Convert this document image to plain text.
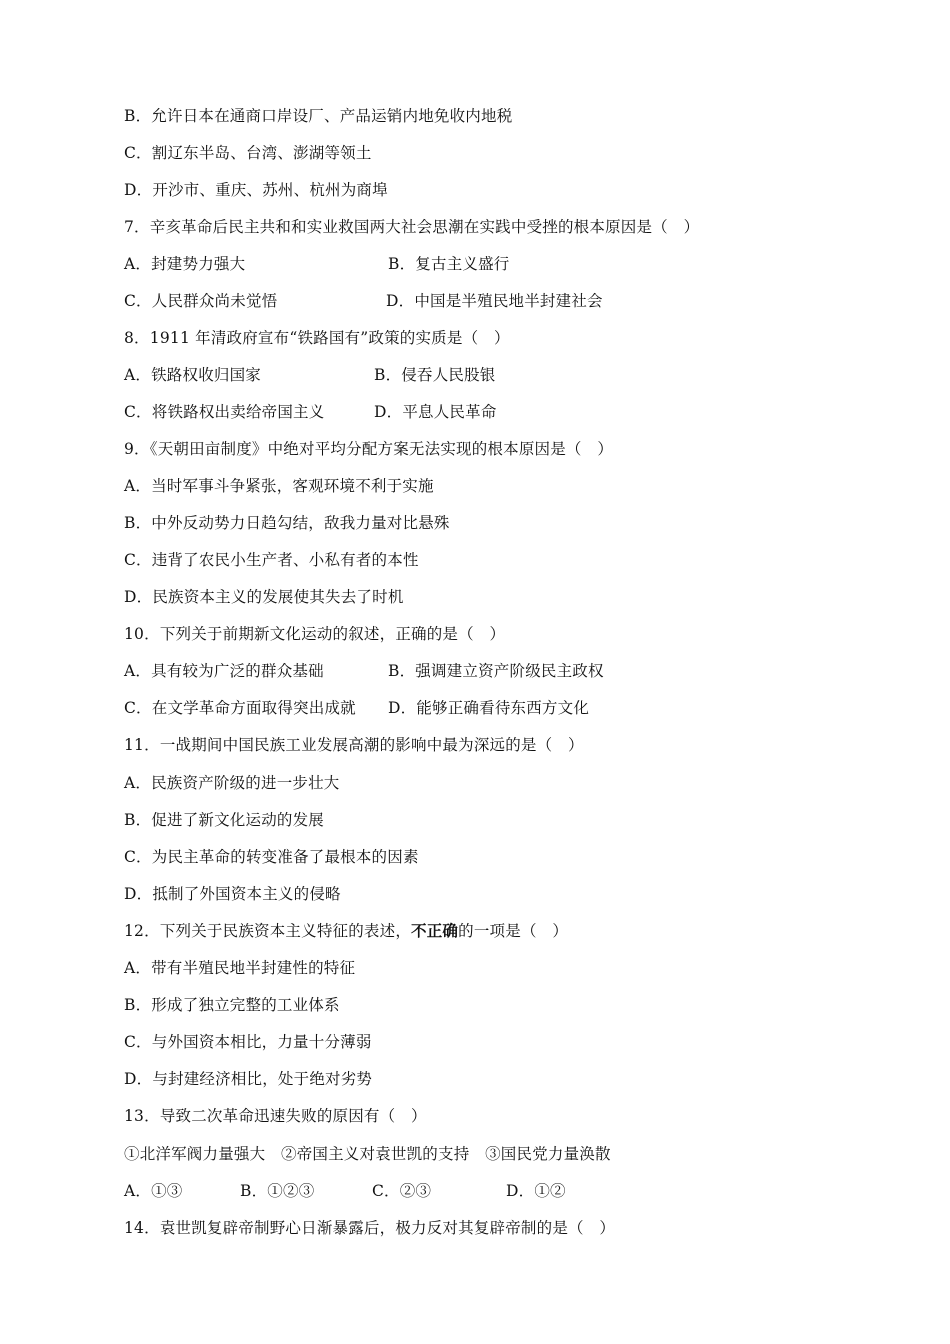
B．允许日本在通商口岸设厂、产品运销内地免收内地税
C．割辽东半岛、台湾、澎湖等领土
D．开沙市、重庆、苏州、杭州为商埠
7．辛亥革命后民主共和和实业救国两大社会思潮在实践中受挫的根本原因是（　）
A．封建势力强大	B．复古主义盛行
C．人民群众尚未觉悟	D．中国是半殖民地半封建社会
8．1911 年清政府宣布“铁路国有”政策的实质是（　）
A．铁路权收归国家	B．侵吞人民股银
C．将铁路权出卖给帝国主义	D．平息人民革命
9．《天朝田亩制度》中绝对平均分配方案无法实现的根本原因是（　）
A．当时军事斗争紧张，客观环境不利于实施
B．中外反动势力日趋勾结，敌我力量对比悬殊
C．违背了农民小生产者、小私有者的本性
D．民族资本主义的发展使其失去了时机
10．下列关于前期新文化运动的叙述，正确的是（　）
A．具有较为广泛的群众基础	B．强调建立资产阶级民主政权
C．在文学革命方面取得突出成就 D．能够正确看待东西方文化
11．一战期间中国民族工业发展高潮的影响中最为深远的是（　）
A．民族资产阶级的进一步壮大
B．促进了新文化运动的发展
C．为民主革命的转变准备了最根本的因素
D．抵制了外国资本主义的侵略
12．下列关于民族资本主义特征的表述，不正确的一项是（　）
A．带有半殖民地半封建性的特征
B．形成了独立完整的工业体系
C．与外国资本相比，力量十分薄弱
D．与封建经济相比，处于绝对劣势
13．导致二次革命迅速失败的原因有（　）
①北洋军阀力量强大　②帝国主义对袁世凯的支持　③国民党力量涣散
A．①③	B．①②③	C．②③	D．①②
14．袁世凯复辟帝制野心日渐暴露后，极力反对其复辟帝制的是（　）
